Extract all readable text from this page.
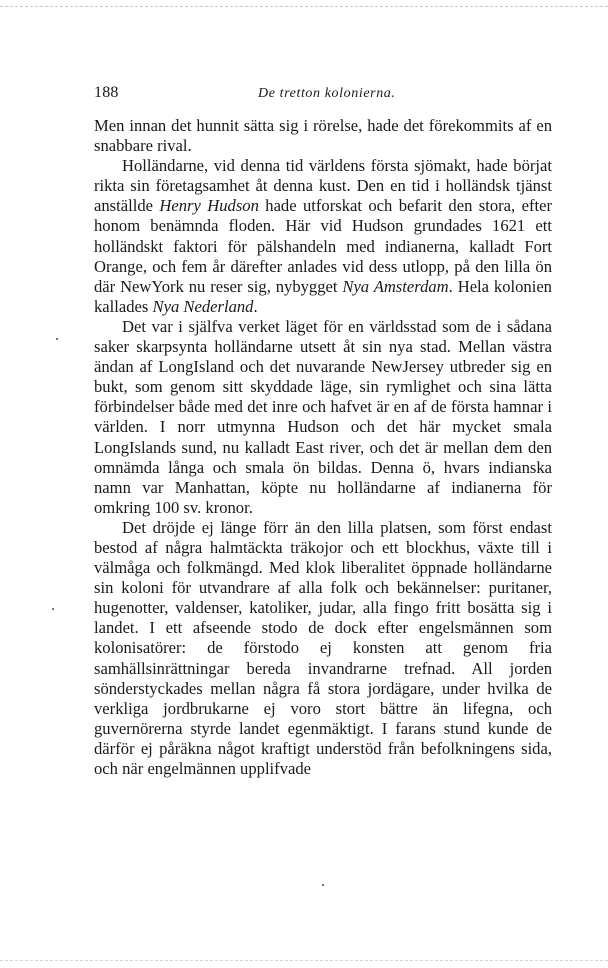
188	De tretton kolonierna.

Men innan det hunnit sätta sig i rörelse, hade det förekommits af en snabbare rival.

Holländarne, vid denna tid världens första sjömakt, hade börjat rikta sin företagsamhet åt denna kust. Den en tid i holländsk tjänst anställde Henry Hudson hade utforskat och befarit den stora, efter honom benämnda floden. Här vid Hudson grundades 1621 ett holländskt faktori för pälshandeln med indianerna, kalladt Fort Orange, och fem år därefter anlades vid dess utlopp, på den lilla ön där NewYork nu reser sig, nybygget Nya Amsterdam. Hela kolonien kallades Nya Nederland.

Det var i själfva verket läget för en världsstad som de i sådana saker skarpsynta holländarne utsett åt sin nya stad. Mellan västra ändan af LongIsland och det nuvarande NewJersey utbreder sig en bukt, som genom sitt skyddade läge, sin rymlighet och sina lätta förbindelser både med det inre och hafvet är en af de första hamnar i världen. I norr utmynna Hudson och det här mycket smala LongIslands sund, nu kalladt East river, och det är mellan dem den omnämda långa och smala ön bildas. Denna ö, hvars indianska namn var Manhattan, köpte nu holländarne af indianerna för omkring 100 sv. kronor.

Det dröjde ej länge förr än den lilla platsen, som först endast bestod af några halmtäckta träkojor och ett blockhus, växte till i välmåga och folkmängd. Med klok liberalitet öppnade holländarne sin koloni för utvandrare af alla folk och bekännelser: puritaner, hugenotter, valdenser, katoliker, judar, alla fingo fritt bosätta sig i landet. I ett afseende stodo de dock efter engelsmännen som kolonisatörer: de förstodo ej konsten att genom fria samhällsinrättningar bereda invandrarne trefnad. All jorden sönderstyckades mellan några få stora jordägare, under hvilka de verkliga jordbrukarne ej voro stort bättre än lifegna, och guvernörerna styrde landet egenmäktigt. I farans stund kunde de därför ej påräkna något kraftigt understöd från befolkningens sida, och när engelmännen upplifvade
